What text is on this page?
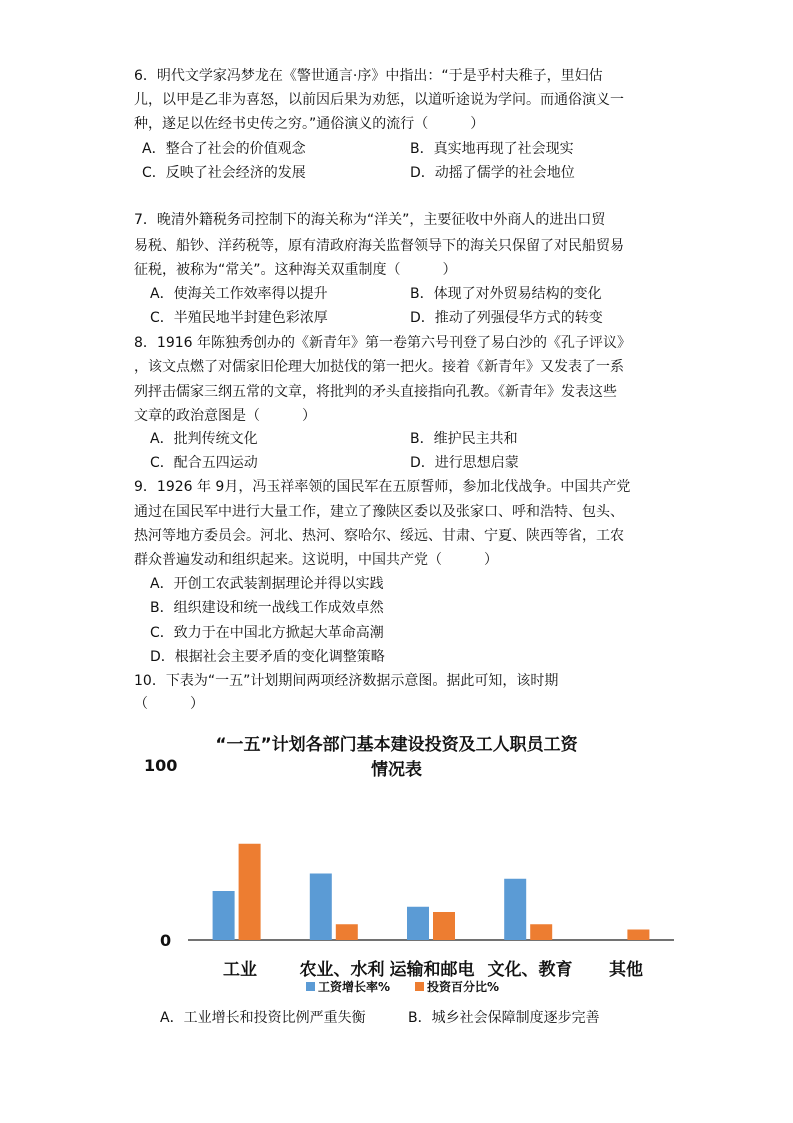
6．明代文学家冯梦龙在《警世通言·序》中指出：“于是乎村夫稚子，里妇估
儿，以甲是乙非为喜怒，以前因后果为劝惩，以道听途说为学问。而通俗演义一
种，遂足以佐经书史传之穷。”通俗演义的流行（　　　）
A．整合了社会的价值观念	B．真实地再现了社会现实
C．反映了社会经济的发展	D．动摇了儒学的社会地位
7．晚清外籍税务司控制下的海关称为“洋关”，主要征收中外商人的进出口贸
易税、船钞、洋药税等，原有清政府海关监督领导下的海关只保留了对民船贸易
征税，被称为“常关”。这种海关双重制度（　　　）
A．使海关工作效率得以提升	B．体现了对外贸易结构的变化
C．半殖民地半封建色彩浓厚	D．推动了列强侵华方式的转变
8．1916 年陈独秀创办的《新青年》第一卷第六号刊登了易白沙的《孔子评议》
，该文点燃了对儒家旧伦理大加挞伐的第一把火。接着《新青年》又发表了一系
列抨击儒家三纲五常的文章，将批判的矛头直接指向孔教。《新青年》发表这些
文章的政治意图是（　　　）
A．批判传统文化	B．维护民主共和
C．配合五四运动	D．进行思想启蒙
9．1926 年 9月，冯玉祥率领的国民军在五原誓师，参加北伐战争。中国共产党
通过在国民军中进行大量工作，建立了豫陕区委以及张家口、呼和浩特、包头、
热河等地方委员会。河北、热河、察哈尔、绥远、甘肃、宁夏、陕西等省，工农
群众普遍发动和组织起来。这说明，中国共产党（　　　）
A．开创工农武装割据理论并得以实践
B．组织建设和统一战线工作成效卓然
C．致力于在中国北方掀起大革命高潮
D．根据社会主要矛盾的变化调整策略
10．下表为“一五”计划期间两项经济数据示意图。据此可知，该时期
（　　　）
“一五”计划各部门基本建设投资及工人职员工资
情况表
100
0
工业	农业、水利 运输和邮电 文化、教育	其他
工资增长率%	投资百分比%
A．工业增长和投资比例严重失衡	B．城乡社会保障制度逐步完善
